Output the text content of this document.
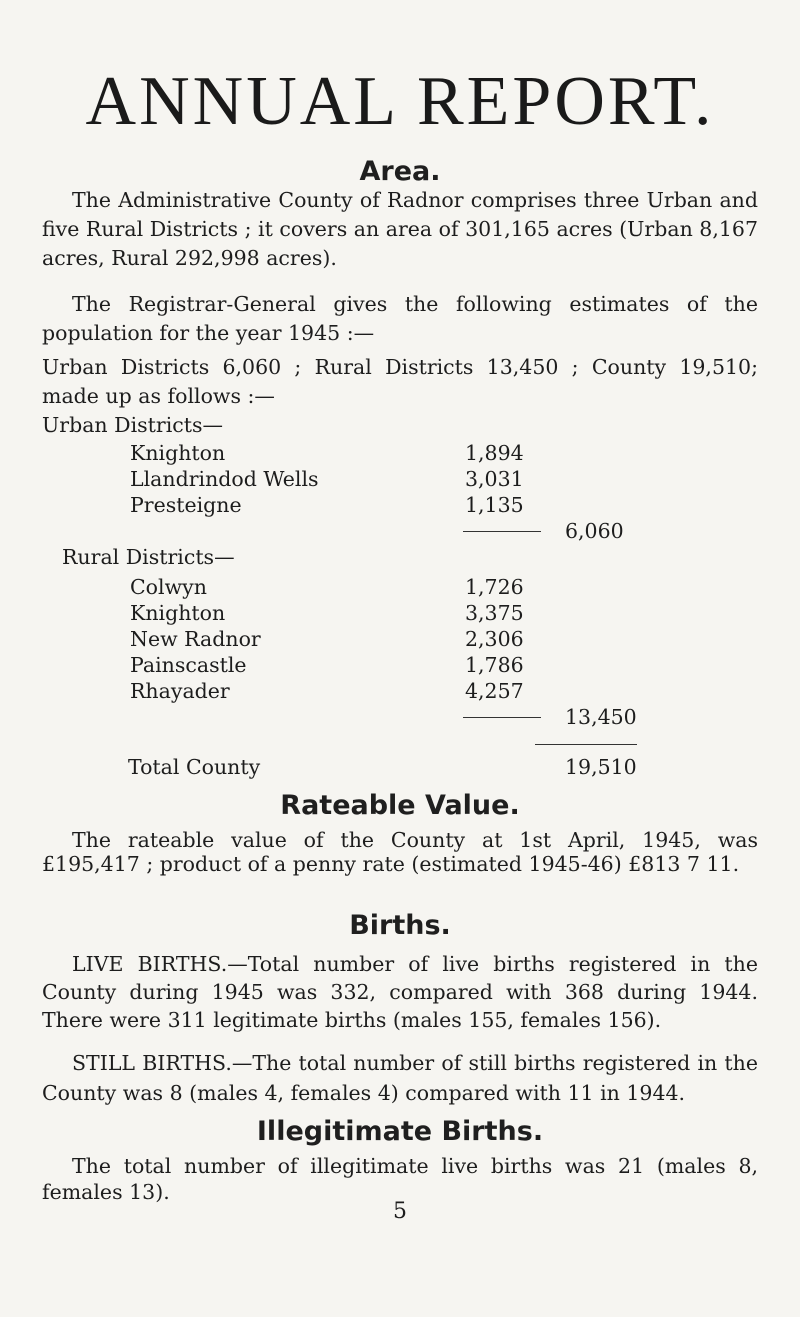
ANNUAL REPORT.
Area.

The Administrative County of Radnor comprises three Urban and five Rural Districts ; it covers an area of 301,165 acres (Urban 8,167 acres, Rural 292,998 acres).

The Registrar-General gives the following estimates of the population for the year 1945 :—

Urban Districts 6,060 ; Rural Districts 13,450 ; County 19,510; made up as follows :—

Urban Districts—
Knighton	1,894
Llandrindod Wells	3,031
Presteigne	1,135
6,060
Rural Districts—
Colwyn	1,726
Knighton	3,375
New Radnor	2,306
Painscastle	1,786
Rhayader	4,257
13,450
Total County	19,510
Rateable Value.

The rateable value of the County at 1st April, 1945, was £195,417 ; product of a penny rate (estimated 1945-46) £813 7 11.

Births.

LIVE BIRTHS.—Total number of live births registered in the County during 1945 was 332, compared with 368 during 1944. There were 311 legitimate births (males 155, females 156).

STILL BIRTHS.—The total number of still births registered in the County was 8 (males 4, females 4) compared with 11 in 1944.

Illegitimate Births.

The total number of illegitimate live births was 21 (males 8, females 13).

5
